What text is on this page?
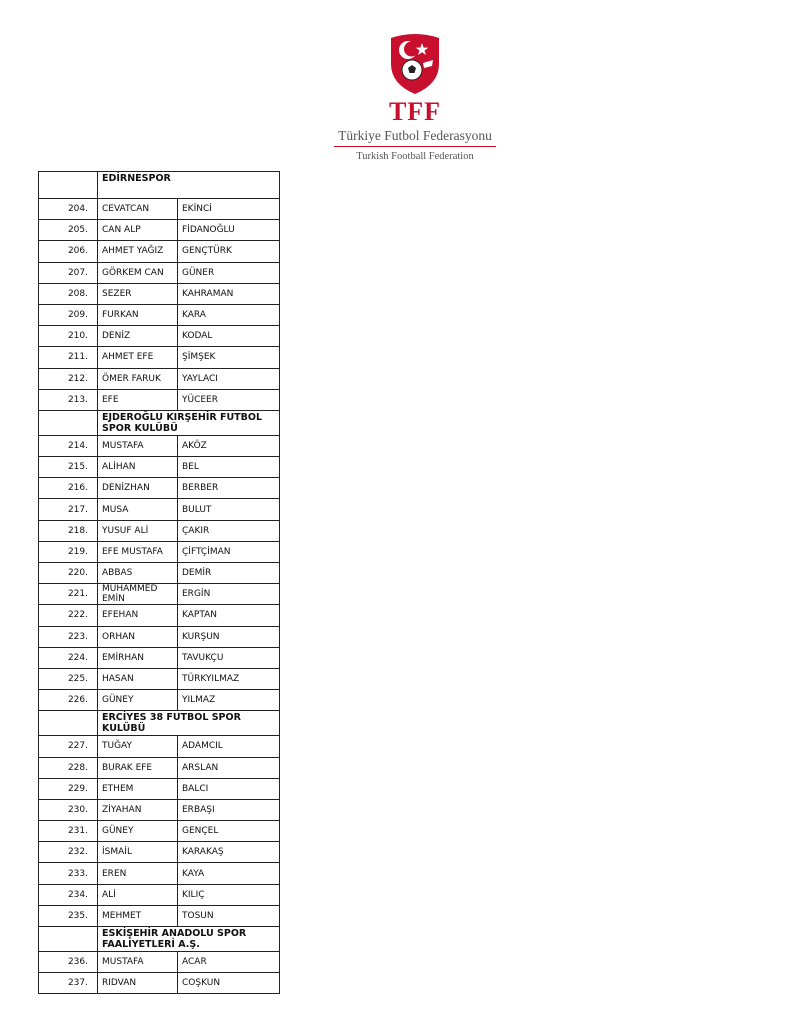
TFF
Türkiye Futbol Federasyonu
Turkish Football Federation
	EDİRNESPOR	
204.	CEVATCAN	EKİNCİ
205.	CAN ALP	FİDANOĞLU
206.	AHMET YAĞIZ	GENÇTÜRK
207.	GÖRKEM CAN	GÜNER
208.	SEZER	KAHRAMAN
209.	FURKAN	KARA
210.	DENİZ	KODAL
211.	AHMET EFE	ŞİMŞEK
212.	ÖMER FARUK	YAYLACI
213.	EFE	YÜCEER
	EJDEROĞLU KIRŞEHİR FUTBOL SPOR KULÜBÜ	
214.	MUSTAFA	AKÖZ
215.	ALİHAN	BEL
216.	DENİZHAN	BERBER
217.	MUSA	BULUT
218.	YUSUF ALİ	ÇAKIR
219.	EFE MUSTAFA	ÇİFTÇİMAN
220.	ABBAS	DEMİR
221.	MUHAMMED EMİN	ERGİN
222.	EFEHAN	KAPTAN
223.	ORHAN	KURŞUN
224.	EMİRHAN	TAVUKÇU
225.	HASAN	TÜRKYILMAZ
226.	GÜNEY	YILMAZ
	ERCİYES 38 FUTBOL SPOR KULÜBÜ	
227.	TUĞAY	ADAMCIL
228.	BURAK EFE	ARSLAN
229.	ETHEM	BALCI
230.	ZİYAHAN	ERBAŞI
231.	GÜNEY	GENÇEL
232.	İSMAİL	KARAKAŞ
233.	EREN	KAYA
234.	ALİ	KILIÇ
235.	MEHMET	TOSUN
	ESKİŞEHİR ANADOLU SPOR FAALİYETLERİ A.Ş.	
236.	MUSTAFA	ACAR
237.	RIDVAN	COŞKUN
